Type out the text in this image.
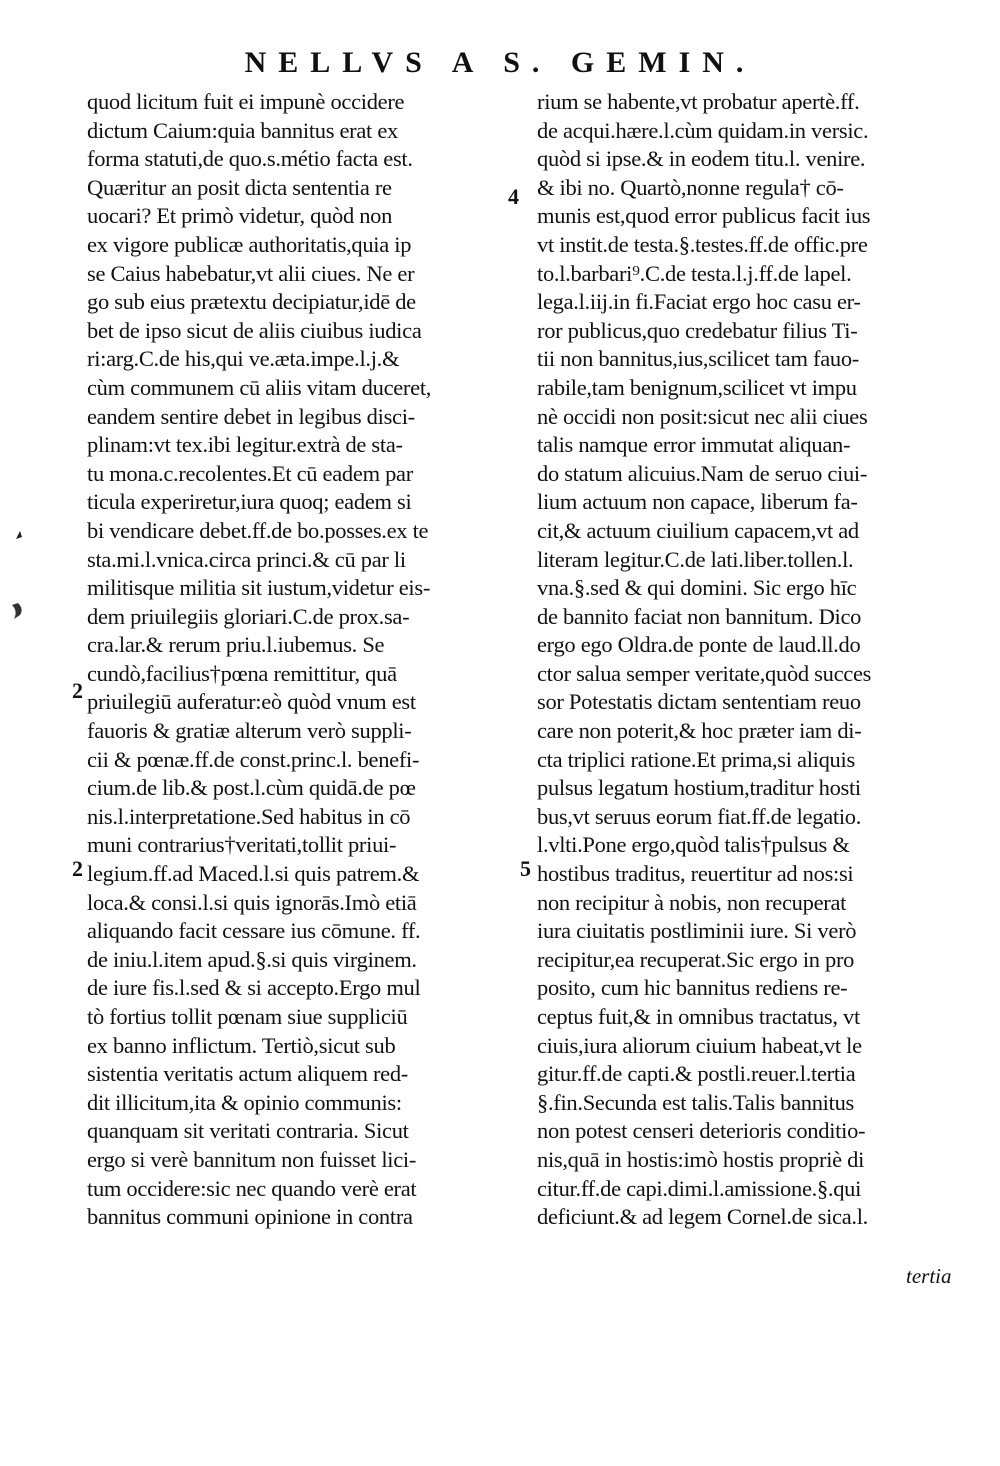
NELLVS A S. GEMIN.
4
2
2	5
quod licitum fuit ei impunè occidere
dictum Caium:quia bannitus erat ex
forma statuti,de quo.s.métio facta est.
Quæritur an posit dicta sententia re
uocari? Et primò videtur, quòd non
ex vigore publicæ authoritatis,quia ip
se Caius habebatur,vt alii ciues. Ne er
go sub eius prætextu decipiatur,idē de
bet de ipso sicut de aliis ciuibus iudica
ri:arg.C.de his,qui ve.æta.impe.l.j.&
cùm communem cū aliis vitam duceret,
eandem sentire debet in legibus disci-
plinam:vt tex.ibi legitur.extrà de sta-
tu mona.c.recolentes.Et cū eadem par
ticula experiretur,iura quoq; eadem si
bi vendicare debet.ff.de bo.posses.ex te
sta.mi.l.vnica.circa princi.& cū par li
militisque militia sit iustum,videtur eis-
dem priuilegiis gloriari.C.de prox.sa-
cra.lar.& rerum priu.l.iubemus. Se
cundò,facilius†pœna remittitur, quā
priuilegiū auferatur:eò quòd vnum est
fauoris & gratiæ alterum verò suppli-
cii & pœnæ.ff.de const.princ.l. benefi-
cium.de lib.& post.l.cùm quidā.de pœ
nis.l.interpretatione.Sed habitus in cō
muni contrarius†veritati,tollit priui-
legium.ff.ad Maced.l.si quis patrem.&
loca.& consi.l.si quis ignorās.Imò etiā
aliquando facit cessare ius cōmune. ff.
de iniu.l.item apud.§.si quis virginem.
de iure fis.l.sed & si accepto.Ergo mul
tò fortius tollit pœnam siue suppliciū
ex banno inflictum. Tertiò,sicut sub
sistentia veritatis actum aliquem red-
dit illicitum,ita & opinio communis:
quanquam sit veritati contraria. Sicut
ergo si verè bannitum non fuisset lici-
tum occidere:sic nec quando verè erat
bannitus communi opinione in contra
rium se habente,vt probatur apertè.ff.
de acqui.hære.l.cùm quidam.in versic.
quòd si ipse.& in eodem titu.l. venire.
& ibi no. Quartò,nonne regula† cō-
munis est,quod error publicus facit ius
vt instit.de testa.§.testes.ff.de offic.pre
to.l.barbari⁹.C.de testa.l.j.ff.de lapel.
lega.l.iij.in fi.Faciat ergo hoc casu er-
ror publicus,quo credebatur filius Ti-
tii non bannitus,ius,scilicet tam fauo-
rabile,tam benignum,scilicet vt impu
nè occidi non posit:sicut nec alii ciues
talis namque error immutat aliquan-
do statum alicuius.Nam de seruo ciui-
lium actuum non capace, liberum fa-
cit,& actuum ciuilium capacem,vt ad
literam legitur.C.de lati.liber.tollen.l.
vna.§.sed & qui domini. Sic ergo hīc
de bannito faciat non bannitum. Dico
ergo ego Oldra.de ponte de laud.ll.do
ctor salua semper veritate,quòd succes
sor Potestatis dictam sententiam reuo
care non poterit,& hoc præter iam di-
cta triplici ratione.Et prima,si aliquis
pulsus legatum hostium,traditur hosti
bus,vt seruus eorum fiat.ff.de legatio.
l.vlti.Pone ergo,quòd talis†pulsus &
hostibus traditus, reuertitur ad nos:si
non recipitur à nobis, non recuperat
iura ciuitatis postliminii iure. Si verò
recipitur,ea recuperat.Sic ergo in pro
posito, cum hic bannitus rediens re-
ceptus fuit,& in omnibus tractatus, vt
ciuis,iura aliorum ciuium habeat,vt le
gitur.ff.de capti.& postli.reuer.l.tertia
§.fin.Secunda est talis.Talis bannitus
non potest censeri deterioris conditio-
nis,quā in hostis:imò hostis propriè di
citur.ff.de capi.dimi.l.amissione.§.qui
deficiunt.& ad legem Cornel.de sica.l.
tertia
